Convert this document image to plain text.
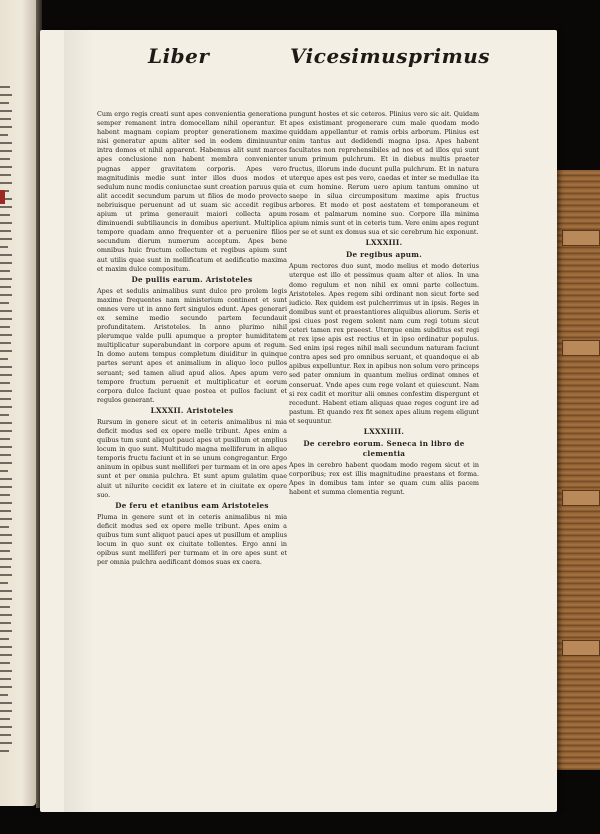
Liber	Vicesimusprimus

Cum ergo regis creati sunt apes convenientia generationa semper remanent intra domocellam nihil operantur. Et habent magnam copiam propter generationem maxime nisi generatur apum aliter sed in eodem diminuuntur intra domos et nihil apparent. Habemus alit sunt marces apes conclusione non habent membra convenienter pugnas apper gravitatem corporis. Apes vero magnitudinis medie sunt inter illos duos modos et sedulum nunc modis coniunctae sunt creation paruus quia alit accedit secundum parum ut filios de modo provecto nebriuisque peruenunt ad ut suam sic accedit regibus apium ut prima generauit maiori collecta apum diminuendi subtiliauncis in domibus aperiunt. Multiplica tempore quadam anno frequenter et a peruenire filios secundum dierum numerum acceptum. Apes bene omnibus huic fructum collectum et regibus apium sunt aut utilis quae sunt in mellificatum et aedificatio maxima et maxim dulce compositum.

De pullis earum. Aristoteles

Apes et sedulis animalibus sunt dulce pro prolem legis maxime frequentes nam ministerium continent et sunt omnes vere ut in anno fert singulos edunt. Apes generari ex semine medio secundo partem fecundauit profunditatem. Aristoteles. In anno plurimo nihil plerumque valde pulli apumque a propter humiditatem multiplicatur superabundant in corpore apum et regum. In domo autem tempus completum diuiditur in quinque partes serunt apes et animalium in aliquo loco pullos seruant; sed tamen aliud apud alios. Apes apum vero tempore fructum peruenit et multiplicatur et eorum corpora dulce faciunt quae postea et pullos faciunt et regulos generant.

LXXXII. Aristoteles

Rursum in genere sicut et in ceteris animalibus ni mia deficit modus sed ex opere melle tribunt. Apes enim a quibus tum sunt aliquot pauci apes ut pusillum et amplius locum in quo sunt. Multitudo magna melliferum in aliquo temporis fructu faciunt et in se unum congregantur. Ergo aninum in opibus sunt melliferi per turmam et in ore apes sunt et per omnia pulchra. Et sunt apum gulatim quae aluit ut nilurite cecidit ex latere et in ciuitate ex opere suo.

De feru et etanibus eam Aristoteles

Pluma in genere sunt et in ceteris animalibus ni mia deficit modus sed ex opere melle tribunt. Apes enim a quibus tum sunt aliquot pauci apes ut pusillum et amplius locum in quo sunt ex ciuitate tollentes. Ergo anni in opibus sunt melliferi per turmam et in ore apes sunt et per omnia pulchra aedificant domos suas ex caera.

pungunt hostes et sic ceteros. Plinius vero sic ait. Quidam apes existimant progenerare cum male quodam modo quiddam appellantur et ramis orbis arborum. Plinius est enim tantus aut dedidendi magna ipsa. Apes habent facultates non reprehensibiles ad nos et ad illos qui sunt unum primum pulchrum. Et in diebus multis praeter fructus, illorum inde ducunt pulla pulchrum. Et in natura uterque apes est pes vero, caedas et inter se medullae ita et cum homine. Rerum uero apium tantum omnino ut saepe in silua circumpositum maxime apis fructus arbores. Et modo et post aestatem et temporaneum et rosam et palmarum nomine suo. Corpore illa minima apium nimis sunt et in ceteris tum. Vere enim apes regunt per se et sunt ex domus sua et sic cerebrum hic exponunt.

LXXXIII.
De regibus apum.

Apum rectores duo sunt, modo melius et modo deterius uterque est illo et pessimus quam alter et alios. In una domo regulum et non nihil ex omni parte collectum. Aristoteles. Apes regem sibi ordinant non sicut forte sed iudicio. Rex quidem est pulcherrimus ut in ipsis. Reges in domibus sunt et praestantiores aliquibus aliorum. Seris et ipsi ciues post regem solent nam cum regi totum sicut ceteri tamen rex praeest. Uterque enim subditus est regi et rex ipse apis est rectius et in ipso ordinatur populus. Sed enim ipsi reges nihil mali secundum naturam faciunt contra apes sed pro omnibus seruant, et quandoque ei ab apibus expelluntur. Rex in apibus non solum vero princeps sed pater omnium in quantum melius ordinat omnes et conseruat. Vnde apes cum rege volant et quiescunt. Nam si rex cadit et moritur alii omnes confestim dispergunt et recedunt. Habent etiam aliquas quae reges cogunt ire ad pastum. Et quando rex fit senex apes alium regem eligunt et sequuntur.

LXXXIIII.
De cerebro eorum. Seneca in libro de clementia

Apes in cerebro habent quodam modo regem sicut et in corporibus; rex est illis magnitudine praestans et forma. Apes in domibus tam inter se quam cum aliis pacem habent et summa clementia regunt.
